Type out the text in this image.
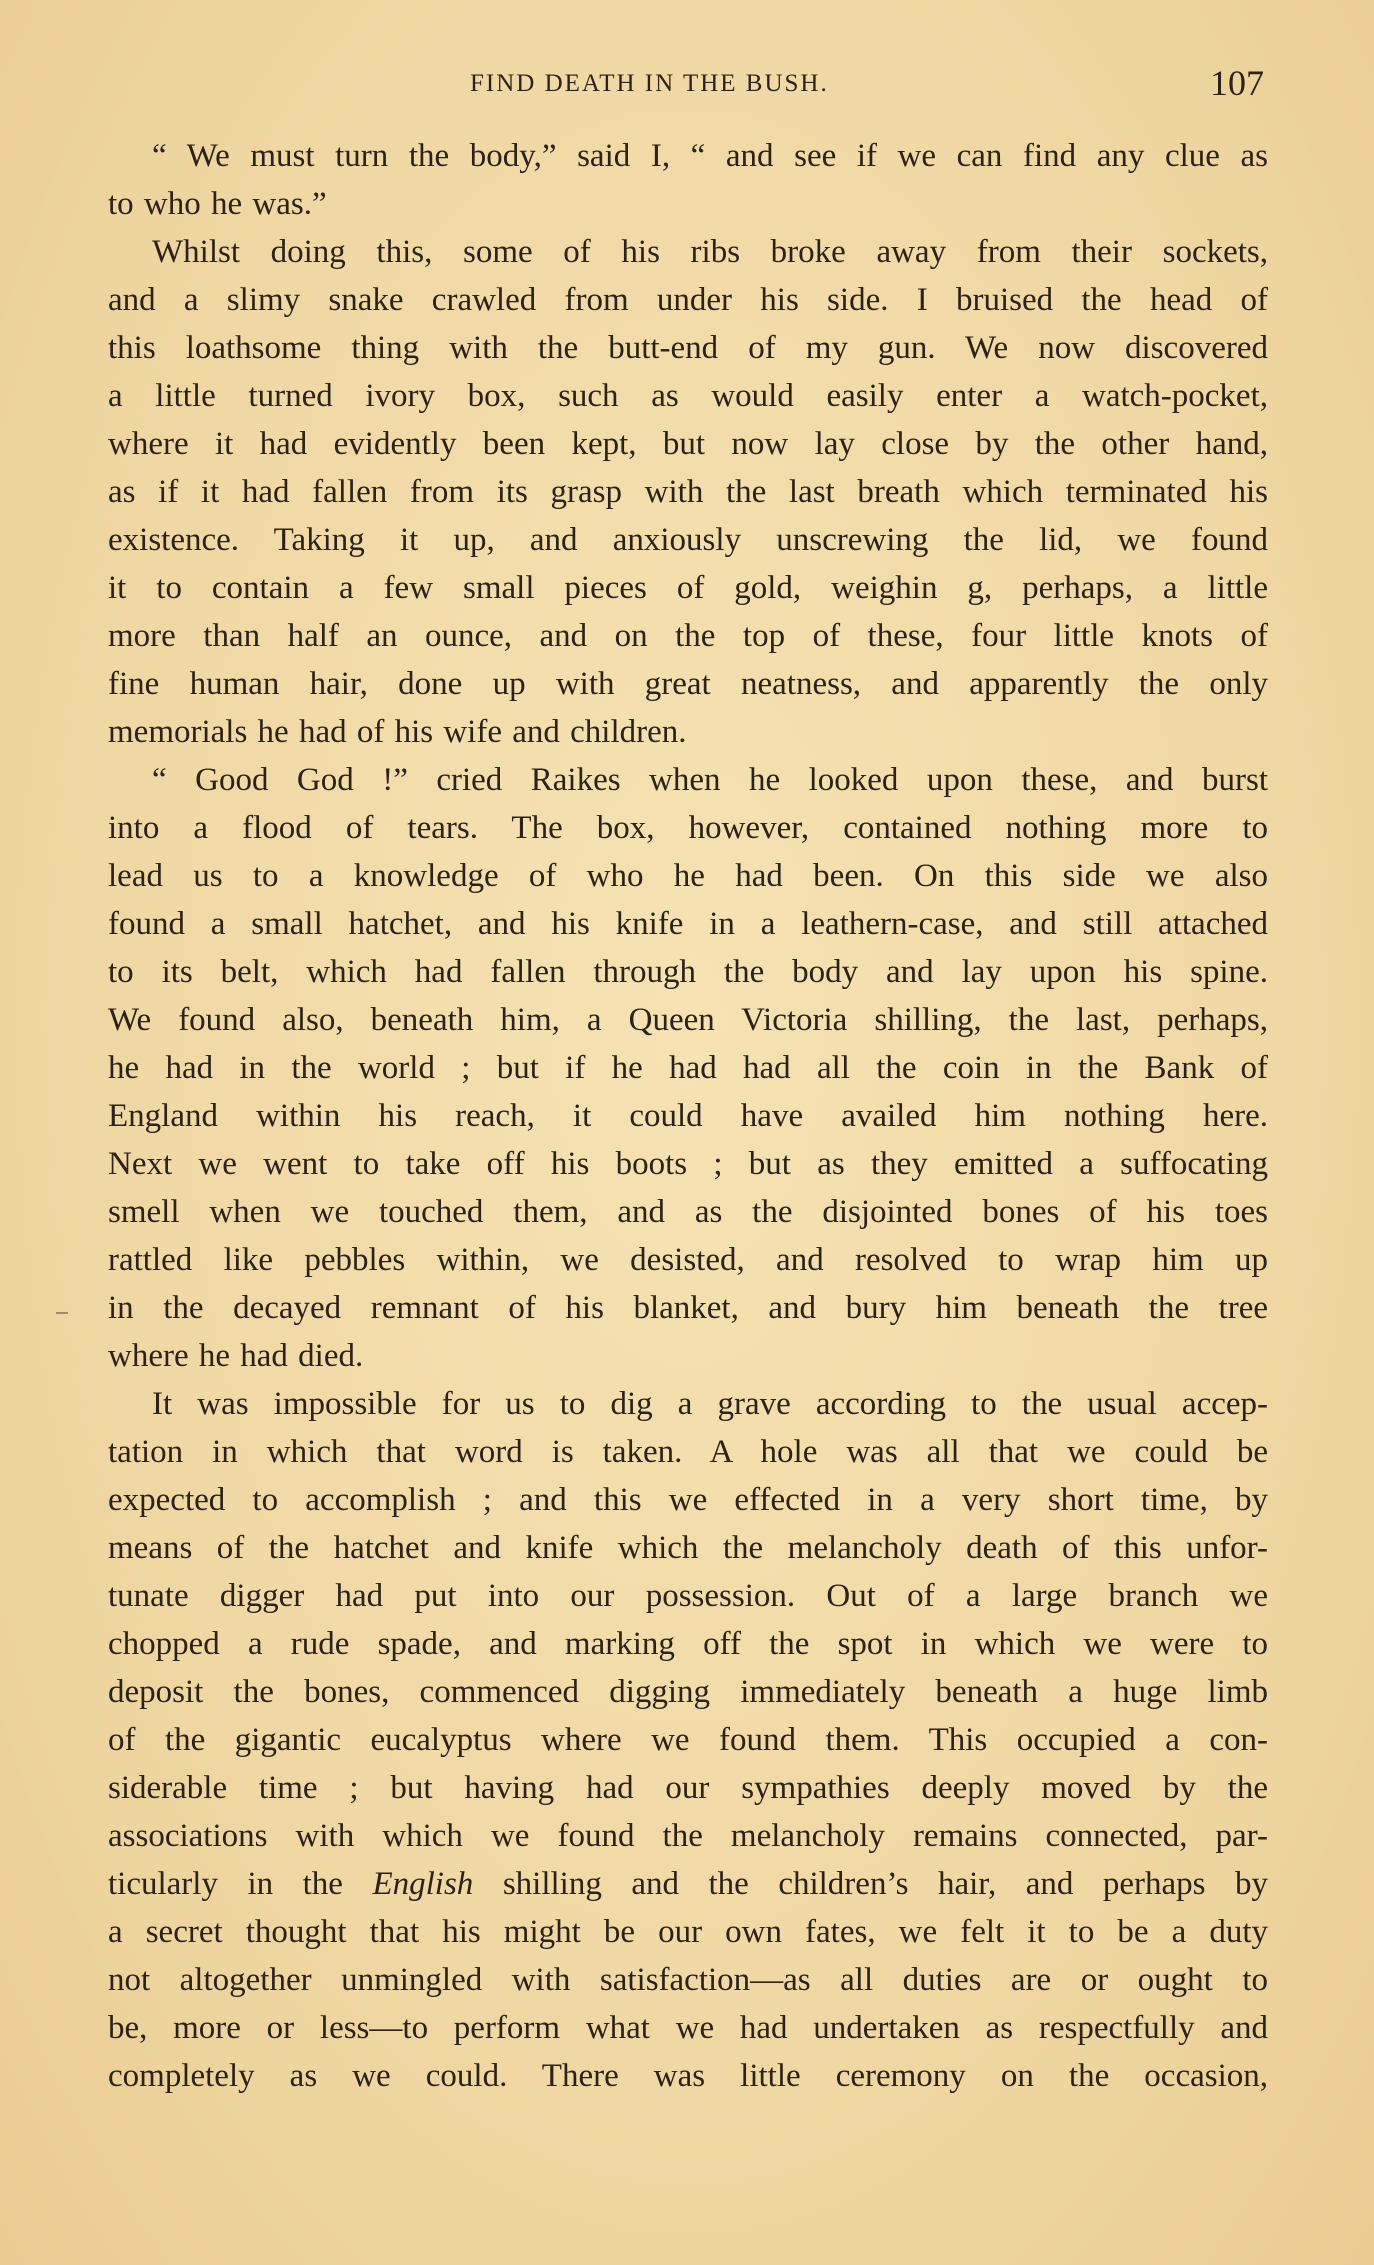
FIND DEATH IN THE BUSH.	107
“ We must turn the body,” said I, “ and see if we can find any clue as
to who he was.”
Whilst doing this, some of his ribs broke away from their sockets,
and a slimy snake crawled from under his side. I bruised the head of
this loathsome thing with the butt-end of my gun. We now discovered
a little turned ivory box, such as would easily enter a watch-pocket,
where it had evidently been kept, but now lay close by the other hand,
as if it had fallen from its grasp with the last breath which terminated his
existence. Taking it up, and anxiously unscrewing the lid, we found
it to contain a few small pieces of gold, weighin g, perhaps, a little
more than half an ounce, and on the top of these, four little knots of
fine human hair, done up with great neatness, and apparently the only
memorials he had of his wife and children.
“ Good God !” cried Raikes when he looked upon these, and burst
into a flood of tears. The box, however, contained nothing more to
lead us to a knowledge of who he had been. On this side we also
found a small hatchet, and his knife in a leathern-case, and still attached
to its belt, which had fallen through the body and lay upon his spine.
We found also, beneath him, a Queen Victoria shilling, the last, perhaps,
he had in the world ; but if he had had all the coin in the Bank of
England within his reach, it could have availed him nothing here.
Next we went to take off his boots ; but as they emitted a suffocating
smell when we touched them, and as the disjointed bones of his toes
rattled like pebbles within, we desisted, and resolved to wrap him up
in the decayed remnant of his blanket, and bury him beneath the tree
where he had died.
It was impossible for us to dig a grave according to the usual accep-
tation in which that word is taken. A hole was all that we could be
expected to accomplish ; and this we effected in a very short time, by
means of the hatchet and knife which the melancholy death of this unfor-
tunate digger had put into our possession. Out of a large branch we
chopped a rude spade, and marking off the spot in which we were to
deposit the bones, commenced digging immediately beneath a huge limb
of the gigantic eucalyptus where we found them. This occupied a con-
siderable time ; but having had our sympathies deeply moved by the
associations with which we found the melancholy remains connected, par-
ticularly in the English shilling and the children’s hair, and perhaps by
a secret thought that his might be our own fates, we felt it to be a duty
not altogether unmingled with satisfaction—as all duties are or ought to
be, more or less—to perform what we had undertaken as respectfully and
completely as we could. There was little ceremony on the occasion,
